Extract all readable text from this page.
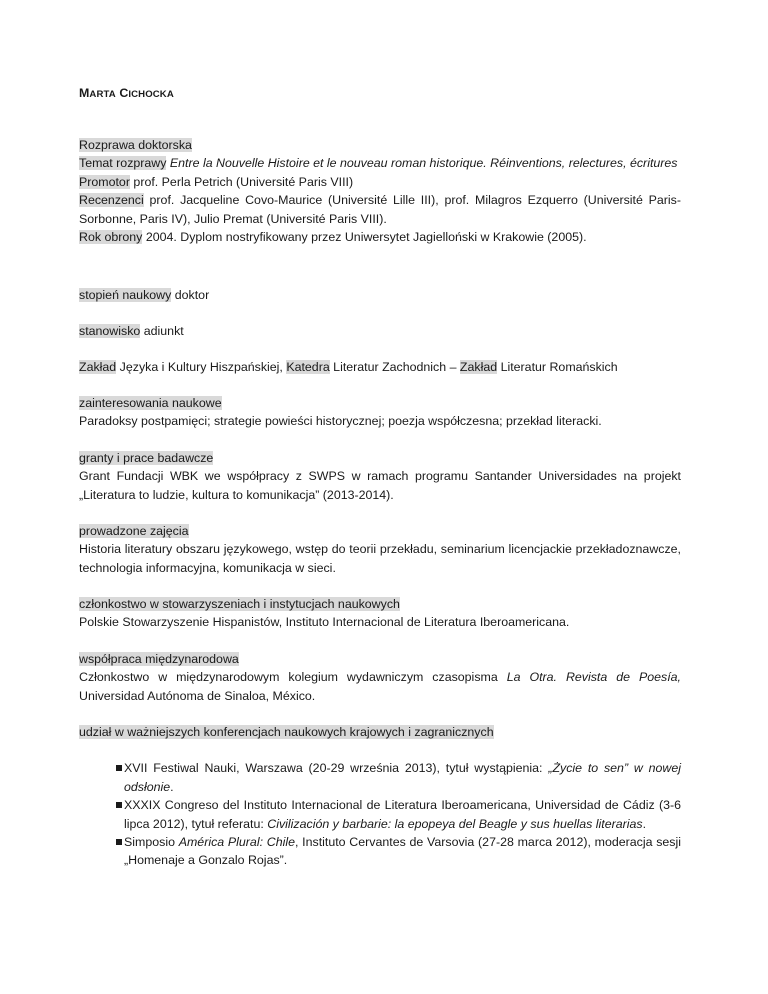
MARTA CICHOCKA
Rozprawa doktorska
Temat rozprawy Entre la Nouvelle Histoire et le nouveau roman historique. Réinventions, relectures, écritures
Promotor prof. Perla Petrich (Université Paris VIII)
Recenzenci prof. Jacqueline Covo-Maurice (Université Lille III), prof. Milagros Ezquerro (Université Paris-Sorbonne, Paris IV), Julio Premat (Université Paris VIII).
Rok obrony 2004. Dyplom nostryfikowany przez Uniwersytet Jagielloński w Krakowie (2005).
stopień naukowy doktor
stanowisko adiunkt
Zakład Języka i Kultury Hiszpańskiej, Katedra Literatur Zachodnich – Zakład Literatur Romańskich
zainteresowania naukowe
Paradoksy postpamięci; strategie powieści historycznej; poezja współczesna; przekład literacki.
granty i prace badawcze
Grant Fundacji WBK we współpracy z SWPS w ramach programu Santander Universidades na projekt „Literatura to ludzie, kultura to komunikacja” (2013-2014).
prowadzone zajęcia
Historia literatury obszaru językowego, wstęp do teorii przekładu, seminarium licencjackie przekładoznawcze, technologia informacyjna, komunikacja w sieci.
członkostwo w stowarzyszeniach i instytucjach naukowych
Polskie Stowarzyszenie Hispanistów, Instituto Internacional de Literatura Iberoamericana.
współpraca międzynarodowa
Członkostwo w międzynarodowym kolegium wydawniczym czasopisma La Otra. Revista de Poesía, Universidad Autónoma de Sinaloa, México.
udział w ważniejszych konferencjach naukowych krajowych i zagranicznych
XVII Festiwal Nauki, Warszawa (20-29 września 2013), tytuł wystąpienia: „Życie to sen” w nowej odsłonie.
XXXIX Congreso del Instituto Internacional de Literatura Iberoamericana, Universidad de Cádiz (3-6 lipca 2012), tytuł referatu: Civilización y barbarie: la epopeya del Beagle y sus huellas literarias.
Simposio América Plural: Chile, Instituto Cervantes de Varsovia (27-28 marca 2012), moderacja sesji „Homenaje a Gonzalo Rojas”.
